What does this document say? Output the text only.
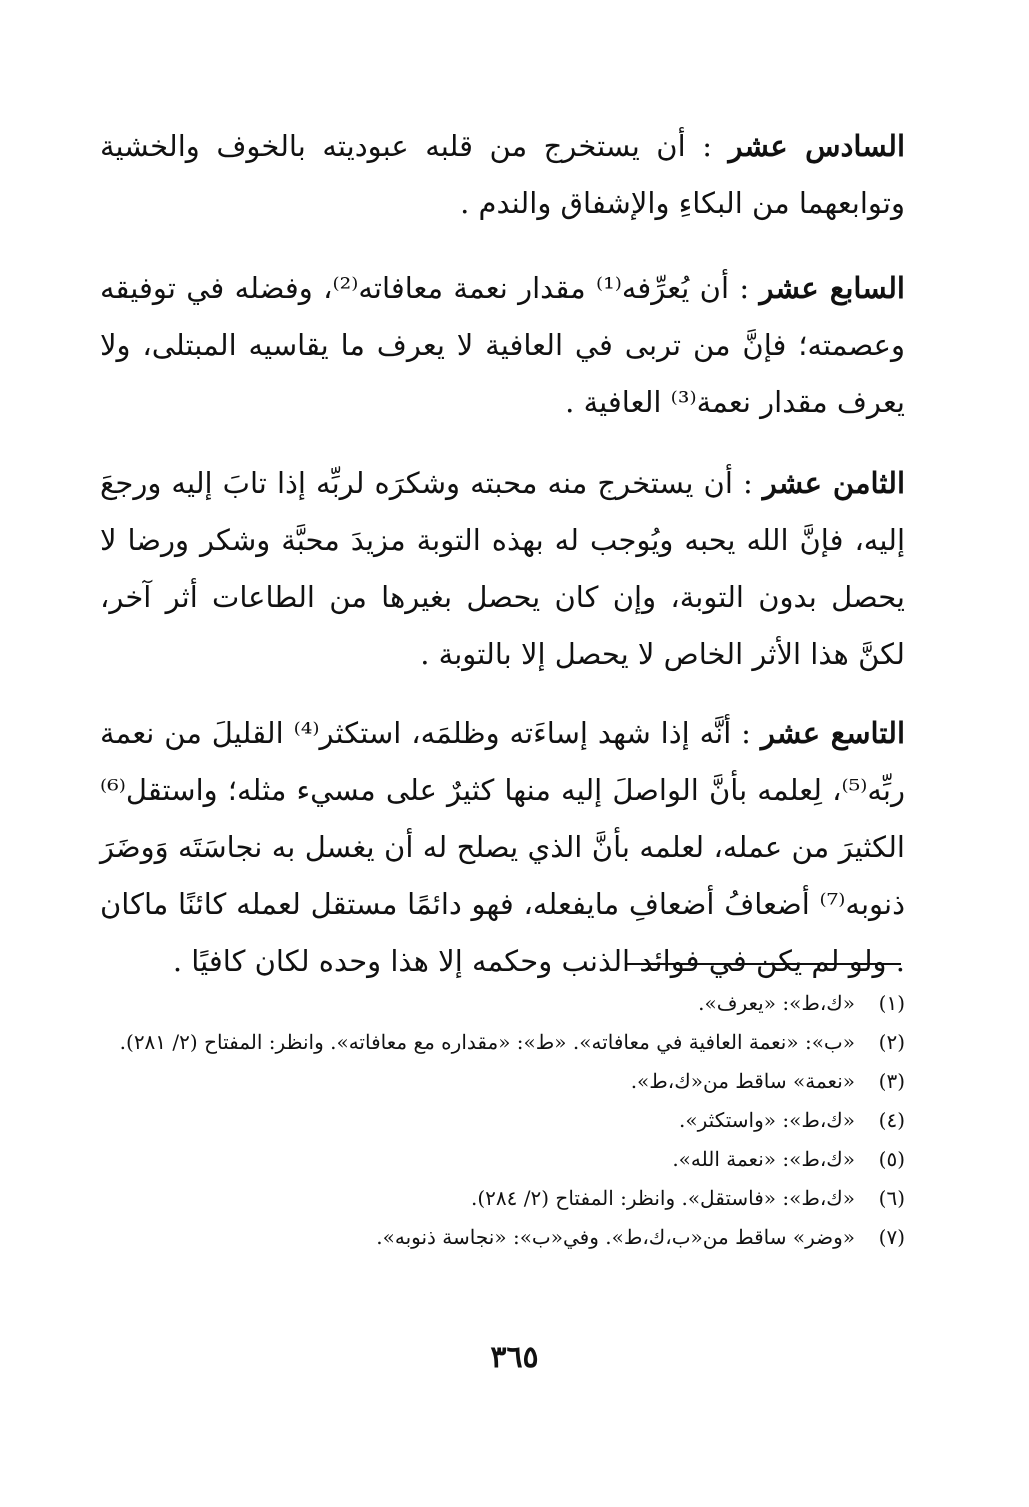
السادس عشر : أن يستخرج من قلبه عبوديته بالخوف والخشية وتوابعهما من البكاءِ والإشفاق والندم .

السابع عشر : أن يُعرِّفه⁽¹⁾ مقدار نعمة معافاته⁽²⁾، وفضله في توفيقه وعصمته؛ فإنَّ من تربى في العافية لا يعرف ما يقاسيه المبتلى، ولا يعرف مقدار نعمة⁽³⁾ العافية .

الثامن عشر : أن يستخرج منه محبته وشكرَه لربِّه إذا تابَ إليه ورجعَ إليه، فإنَّ الله يحبه ويُوجب له بهذه التوبة مزيدَ محبَّة وشكر ورضا لا يحصل بدون التوبة، وإن كان يحصل بغيرها من الطاعات أثر آخر، لكنَّ هذا الأثر الخاص لا يحصل إلا بالتوبة .

التاسع عشر : أنَّه إذا شهد إساءَته وظلمَه، استكثر⁽⁴⁾ القليلَ من نعمة ربِّه⁽⁵⁾، لِعلمه بأنَّ الواصلَ إليه منها كثيرٌ على مسيء مثله؛ واستقل⁽⁶⁾ الكثيرَ من عمله، لعلمه بأنَّ الذي يصلح له أن يغسل به نجاسَتَه وَوضَرَ ذنوبه⁽⁷⁾ أضعافُ أضعافِ مايفعله، فهو دائمًا مستقل لعمله كائنًا ماكان . ولو لم يكن في فوائد الذنب وحكمه إلا هذا وحده لكان كافيًا .

(١)
«ك،ط»: «يعرف».
(٢)
«ب»: «نعمة العافية في معافاته». «ط»: «مقداره مع معافاته». وانظر: المفتاح (٢/ ٢٨١).
(٣)
«نعمة» ساقط من«ك،ط».
(٤)
«ك،ط»: «واستكثر».
(٥)
«ك،ط»: «نعمة الله».
(٦)
«ك،ط»: «فاستقل». وانظر: المفتاح (٢/ ٢٨٤).
(٧)
«وضر» ساقط من«ب،ك،ط». وفي«ب»: «نجاسة ذنوبه».
٣٦٥
